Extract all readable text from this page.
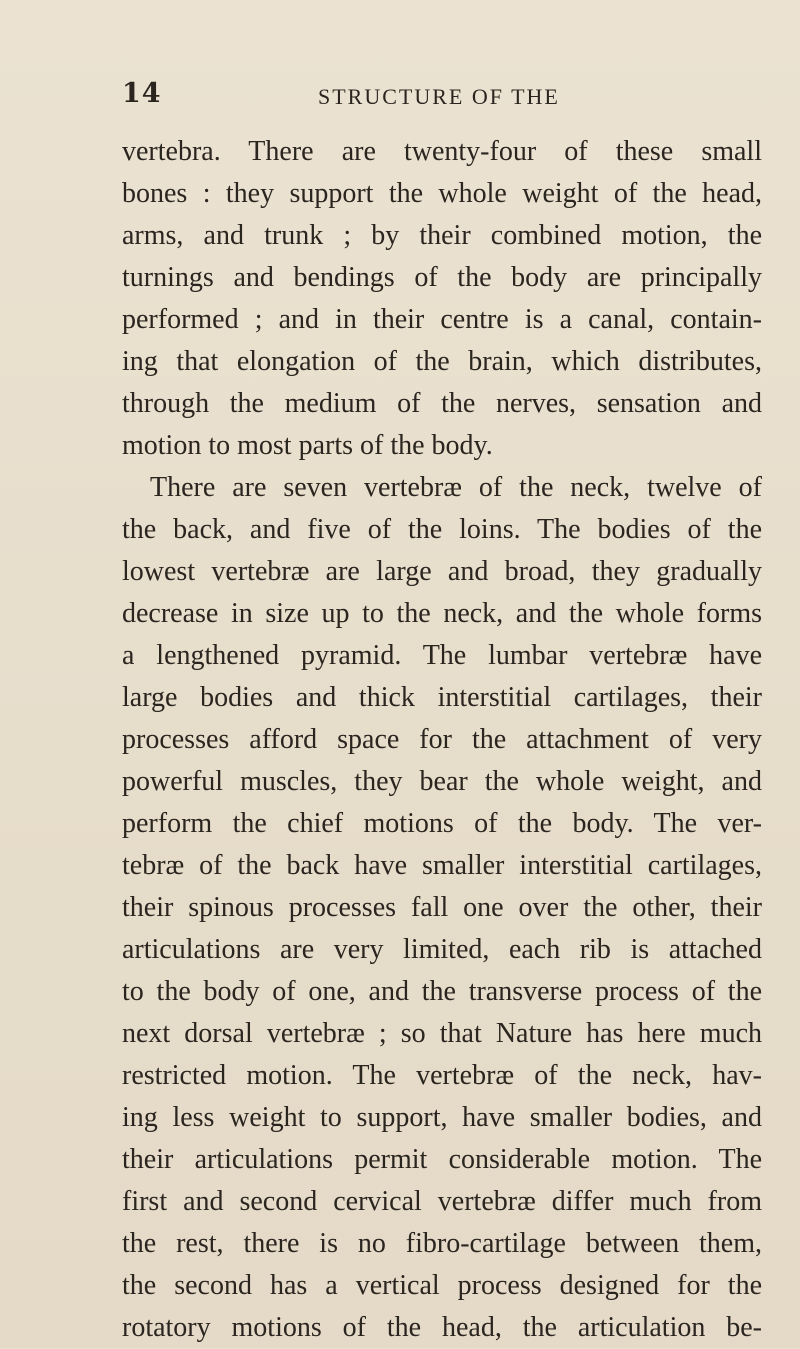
14	STRUCTURE OF THE
vertebra. There are twenty-four of these small
bones : they support the whole weight of the head,
arms, and trunk ; by their combined motion, the
turnings and bendings of the body are principally
performed ; and in their centre is a canal, contain-
ing that elongation of the brain, which distributes,
through the medium of the nerves, sensation and
motion to most parts of the body.
There are seven vertebræ of the neck, twelve of
the back, and five of the loins. The bodies of the
lowest vertebræ are large and broad, they gradually
decrease in size up to the neck, and the whole forms
a lengthened pyramid. The lumbar vertebræ have
large bodies and thick interstitial cartilages, their
processes afford space for the attachment of very
powerful muscles, they bear the whole weight, and
perform the chief motions of the body. The ver-
tebræ of the back have smaller interstitial cartilages,
their spinous processes fall one over the other, their
articulations are very limited, each rib is attached
to the body of one, and the transverse process of the
next dorsal vertebræ ; so that Nature has here much
restricted motion. The vertebræ of the neck, hav-
ing less weight to support, have smaller bodies, and
their articulations permit considerable motion. The
first and second cervical vertebræ differ much from
the rest, there is no fibro-cartilage between them,
the second has a vertical process designed for the
rotatory motions of the head, the articulation be-
